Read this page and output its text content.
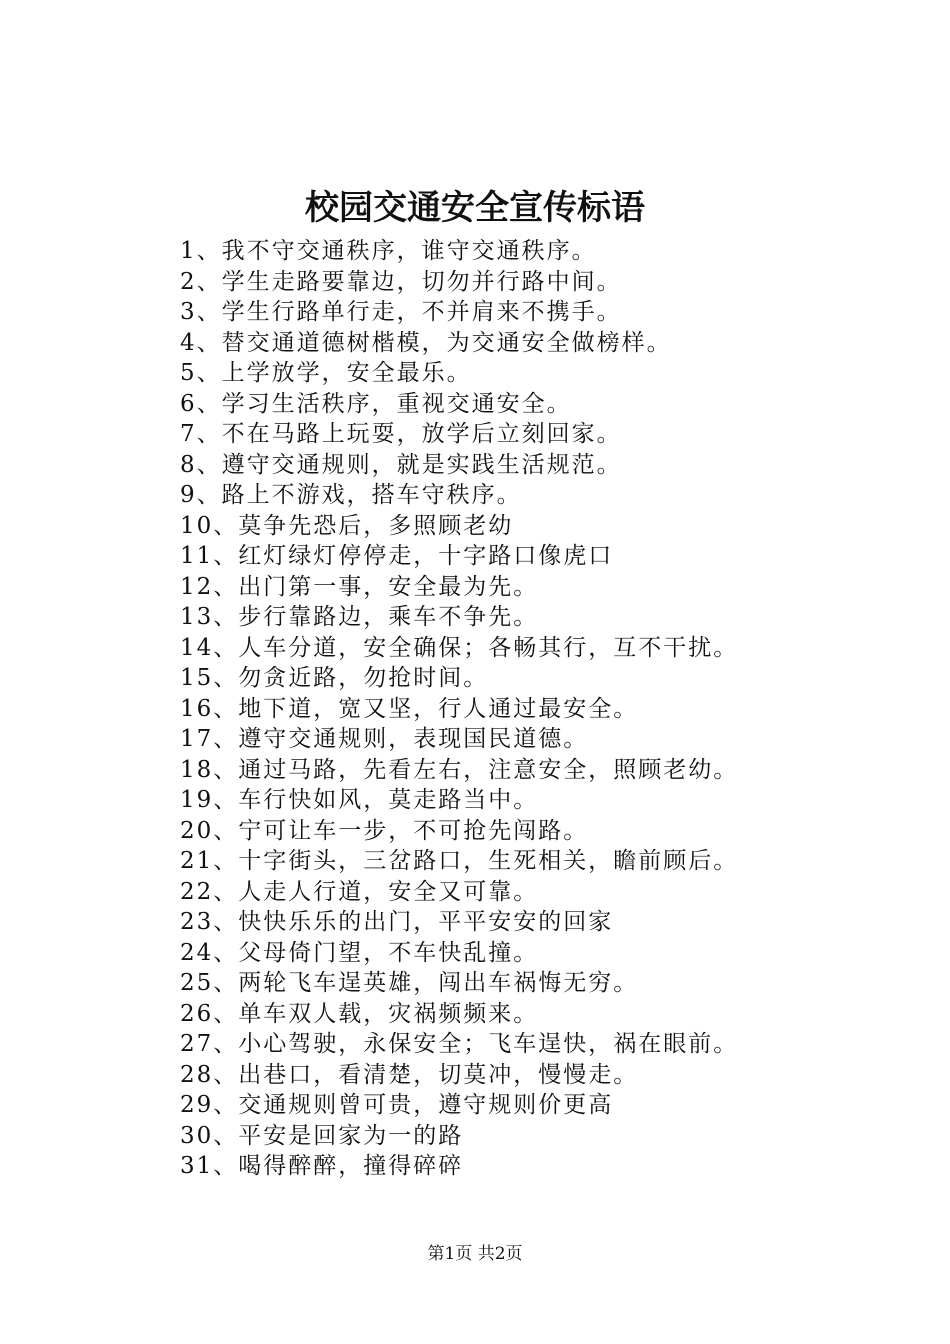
校园交通安全宣传标语
1、我不守交通秩序，谁守交通秩序。
2、学生走路要靠边，切勿并行路中间。
3、学生行路单行走，不并肩来不携手。
4、替交通道德树楷模，为交通安全做榜样。
5、上学放学，安全最乐。
6、学习生活秩序，重视交通安全。
7、不在马路上玩耍，放学后立刻回家。
8、遵守交通规则，就是实践生活规范。
9、路上不游戏，搭车守秩序。
10、莫争先恐后，多照顾老幼
11、红灯绿灯停停走，十字路口像虎口
12、出门第一事，安全最为先。
13、步行靠路边，乘车不争先。
14、人车分道，安全确保；各畅其行，互不干扰。
15、勿贪近路，勿抢时间。
16、地下道，宽又坚，行人通过最安全。
17、遵守交通规则，表现国民道德。
18、通过马路，先看左右，注意安全，照顾老幼。
19、车行快如风，莫走路当中。
20、宁可让车一步，不可抢先闯路。
21、十字街头，三岔路口，生死相关，瞻前顾后。
22、人走人行道，安全又可靠。
23、快快乐乐的出门，平平安安的回家
24、父母倚门望，不车快乱撞。
25、两轮飞车逞英雄，闯出车祸悔无穷。
26、单车双人载，灾祸频频来。
27、小心驾驶，永保安全；飞车逞快，祸在眼前。
28、出巷口，看清楚，切莫冲，慢慢走。
29、交通规则曾可贵，遵守规则价更高
30、平安是回家为一的路
31、喝得醉醉，撞得碎碎
第1页 共2页
